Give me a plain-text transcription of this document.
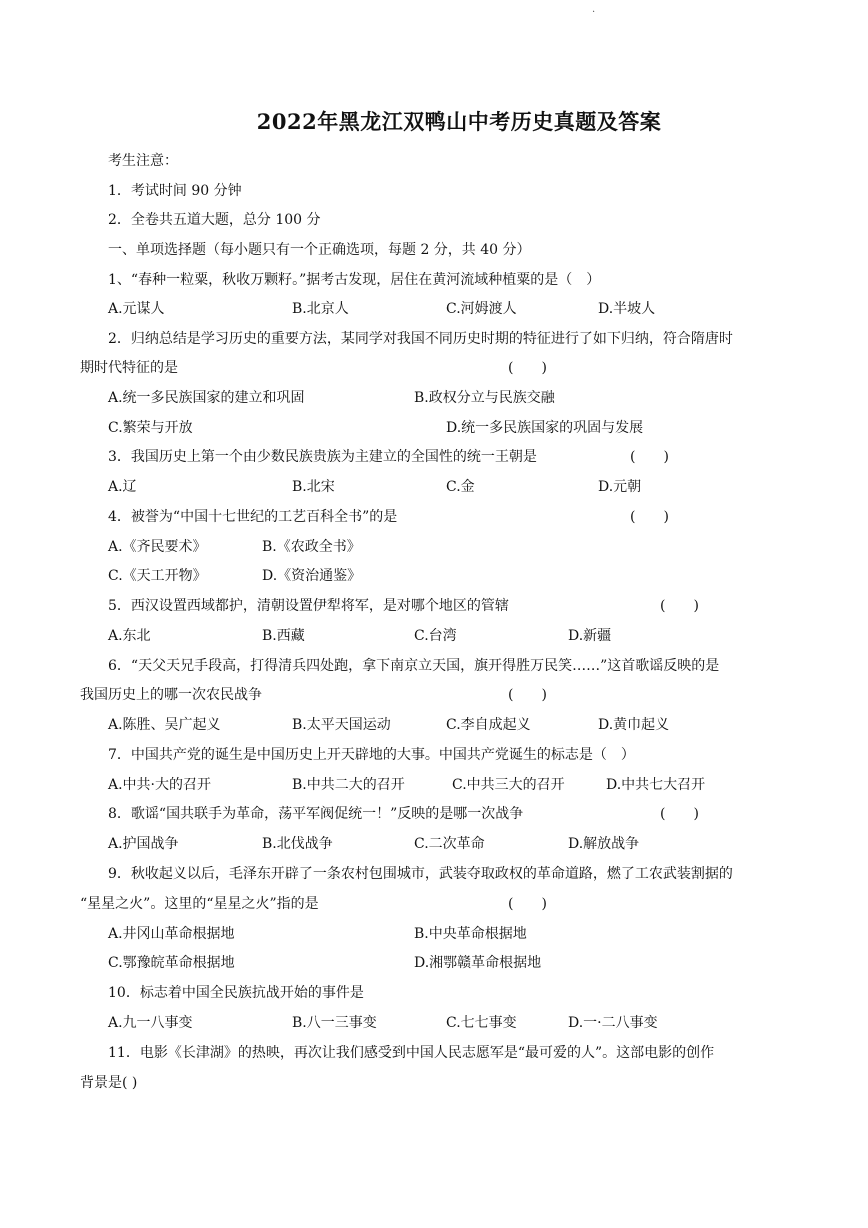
.
2022年黑龙江双鸭山中考历史真题及答案
考生注意：
1．考试时间 90 分钟
2．全卷共五道大题，总分 100 分
一、单项选择题（每小题只有一个正确选项，每题 2 分，共 40 分）
1、“春种一粒粟，秋收万颗籽。”据考古发现，居住在黄河流域种植粟的是（　）
A.元谋人	B.北京人	C.河姆渡人	D.半坡人
2．归纳总结是学习历史的重要方法，某同学对我国不同历史时期的特征进行了如下归纳，符合隋唐时
期时代特征的是	(　　)
A.统一多民族国家的建立和巩固	B.政权分立与民族交融
C.繁荣与开放	D.统一多民族国家的巩固与发展
3．我国历史上第一个由少数民族贵族为主建立的全国性的统一王朝是	(　　)
A.辽	B.北宋	C.金	D.元朝
4．被誉为“中国十七世纪的工艺百科全书”的是	(　　)
A.《齐民要术》	B.《农政全书》
C.《天工开物》	D.《资治通鉴》
5．西汉设置西域都护，清朝设置伊犁将军，是对哪个地区的管辖	(　　)
A.东北	B.西藏	C.台湾	D.新疆
6．“天父天兄手段高，打得清兵四处跑，拿下南京立天国，旗开得胜万民笑……”这首歌谣反映的是
我国历史上的哪一次农民战争	(　　)
A.陈胜、吴广起义	B.太平天国运动	C.李自成起义	D.黄巾起义
7．中国共产党的诞生是中国历史上开天辟地的大事。中国共产党诞生的标志是（　）
A.中共·大的召开	B.中共二大的召开	C.中共三大的召开	D.中共七大召开
8．歌谣“国共联手为革命，荡平军阀促统一！”反映的是哪一次战争	(　　)
A.护国战争	B.北伐战争	C.二次革命	D.解放战争
9．秋收起义以后，毛泽东开辟了一条农村包围城市，武装夺取政权的革命道路，燃了工农武装割据的
“星星之火”。这里的“星星之火”指的是	(　　)
A.井冈山革命根据地	B.中央革命根据地
C.鄂豫皖革命根据地	D.湘鄂赣革命根据地
10．标志着中国全民族抗战开始的事件是
A.九一八事变	B.八一三事变	C.七七事变	D.一·二八事变
11．电影《长津湖》的热映，再次让我们感受到中国人民志愿军是“最可爱的人”。这部电影的创作
背景是( )
